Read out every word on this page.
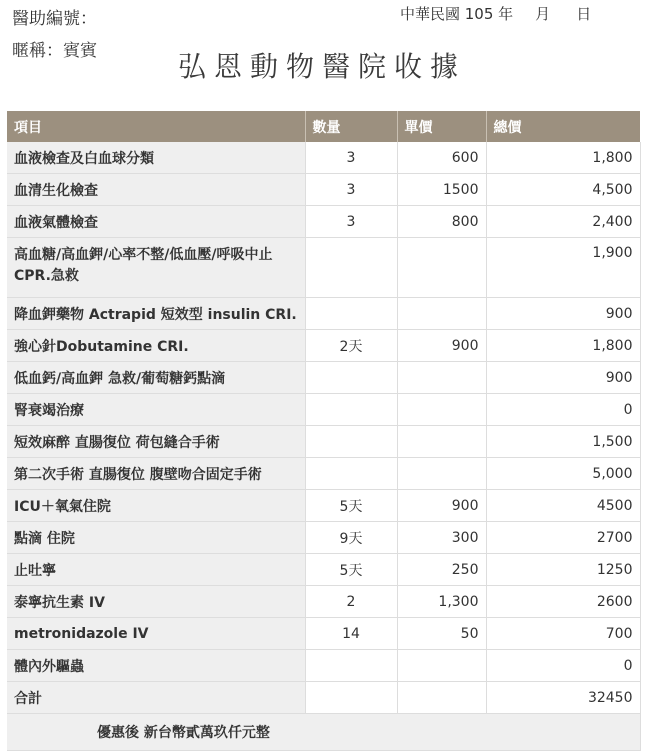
醫助編號：
暱稱：賓賓
中華民國 105 年 月 日
弘恩動物醫院收據
項目	數量	單價	總價
血液檢查及白血球分類	3	600	1,800
血清生化檢查	3	1500	4,500
血液氣體檢查	3	800	2,400
高血糖/高血鉀/心率不整/低血壓/呼吸中止CPR.急救			1,900
降血鉀藥物 Actrapid 短效型 insulin CRI.			900
強心針Dobutamine CRI.	2天	900	1,800
低血鈣/高血鉀 急救/葡萄糖鈣點滴			900
腎衰竭治療			0
短效麻醉 直腸復位 荷包縫合手術			1,500
第二次手術 直腸復位 腹壁吻合固定手術			5,000
ICU＋氧氣住院	5天	900	4500
點滴 住院	9天	300	2700
止吐寧	5天	250	1250
泰寧抗生素 IV	2	1,300	2600
metronidazole IV	14	50	700
體內外驅蟲			0
合計			32450
優惠後 新台幣貳萬玖仟元整			
